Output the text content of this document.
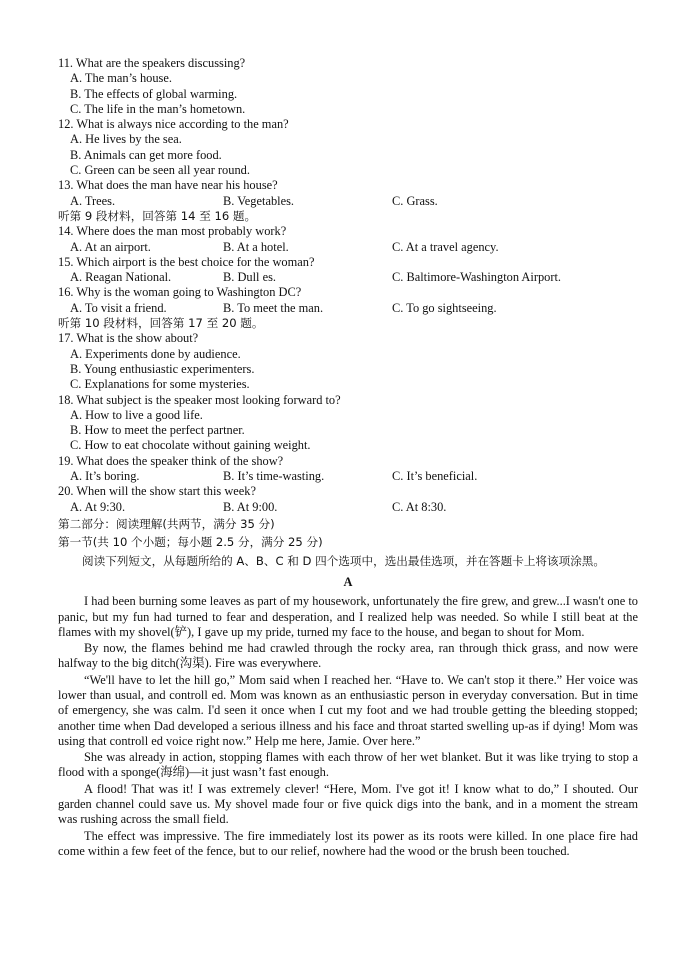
11. What are the speakers discussing?
A. The man’s house.
B. The effects of global warming.
C. The life in the man’s hometown.
12. What is always nice according to the man?
A. He lives by the sea.
B. Animals can get more food.
C. Green can be seen all year round.
13. What does the man have near his house?
A. Trees.	B. Vegetables.	C. Grass.
听第 9 段材料，回答第 14 至 16 题。
14. Where does the man most probably work?
A. At an airport.	B. At a hotel.	C. At a travel agency.
15. Which airport is the best choice for the woman?
A. Reagan National.	B. Dull es.	C. Baltimore-Washington Airport.
16. Why is the woman going to Washington DC?
A. To visit a friend.	B. To meet the man.	C. To go sightseeing.
听第 10 段材料，回答第 17 至 20 题。
17. What is the show about?
A. Experiments done by audience.
B. Young enthusiastic experimenters.
C. Explanations for some mysteries.
18. What subject is the speaker most looking forward to?
A. How to live a good life.
B. How to meet the perfect partner.
C. How to eat chocolate without gaining weight.
19. What does the speaker think of the show?
A. It’s boring.	B. It’s time-wasting.	C. It’s beneficial.
20. When will the show start this week?
A. At 9:30.	B. At 9:00.	C. At 8:30.
第二部分：阅读理解(共两节，满分 35 分)
第一节(共 10 个小题；每小题 2.5 分，满分 25 分)
阅读下列短文，从每题所给的 A、B、C 和 D 四个选项中，选出最佳选项，并在答题卡上将该项涂黑。
A
I had been burning some leaves as part of my housework, unfortunately the fire grew, and grew...I wasn't one to panic, but my fun had turned to fear and desperation, and I realized help was needed. So while I still beat at the flames with my shovel(铲), I gave up my pride, turned my face to the house, and began to shout for Mom.
By now, the flames behind me had crawled through the rocky area, ran through thick grass, and now were halfway to the big ditch(沟渠). Fire was everywhere.
“We'll have to let the hill go,” Mom said when I reached her. “Have to. We can't stop it there.” Her voice was lower than usual, and controll ed. Mom was known as an enthusiastic person in everyday conversation. But in time of emergency, she was calm. I'd seen it once when I cut my foot and we had trouble getting the bleeding stopped; another time when Dad developed a serious illness and his face and throat started swelling up-as if dying! Mom was using that controll ed voice right now.” Help me here, Jamie. Over here.”
She was already in action, stopping flames with each throw of her wet blanket. But it was like trying to stop a flood with a sponge(海绵)—it just wasn’t fast enough.
A flood! That was it! I was extremely clever! “Here, Mom. I've got it! I know what to do,” I shouted. Our garden channel could save us. My shovel made four or five quick digs into the bank, and in a moment the stream was rushing across the small field.
The effect was impressive. The fire immediately lost its power as its roots were killed. In one place fire had come within a few feet of the fence, but to our relief, nowhere had the wood or the brush been touched.
